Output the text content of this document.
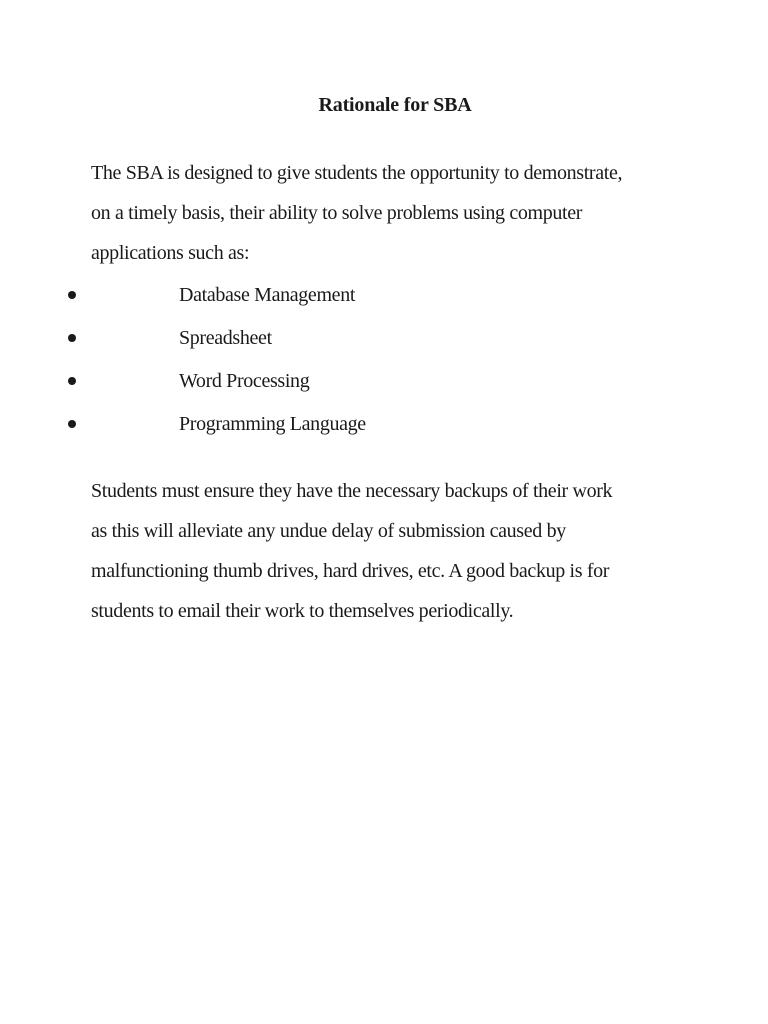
Rationale for SBA

The SBA is designed to give students the opportunity to demonstrate,
on a timely basis, their ability to solve problems using computer
applications such as:

Database Management
Spreadsheet
Word Processing
Programming Language

Students must ensure they have the necessary backups of their work
as this will alleviate any undue delay of submission caused by
malfunctioning thumb drives, hard drives, etc. A good backup is for
students to email their work to themselves periodically.
